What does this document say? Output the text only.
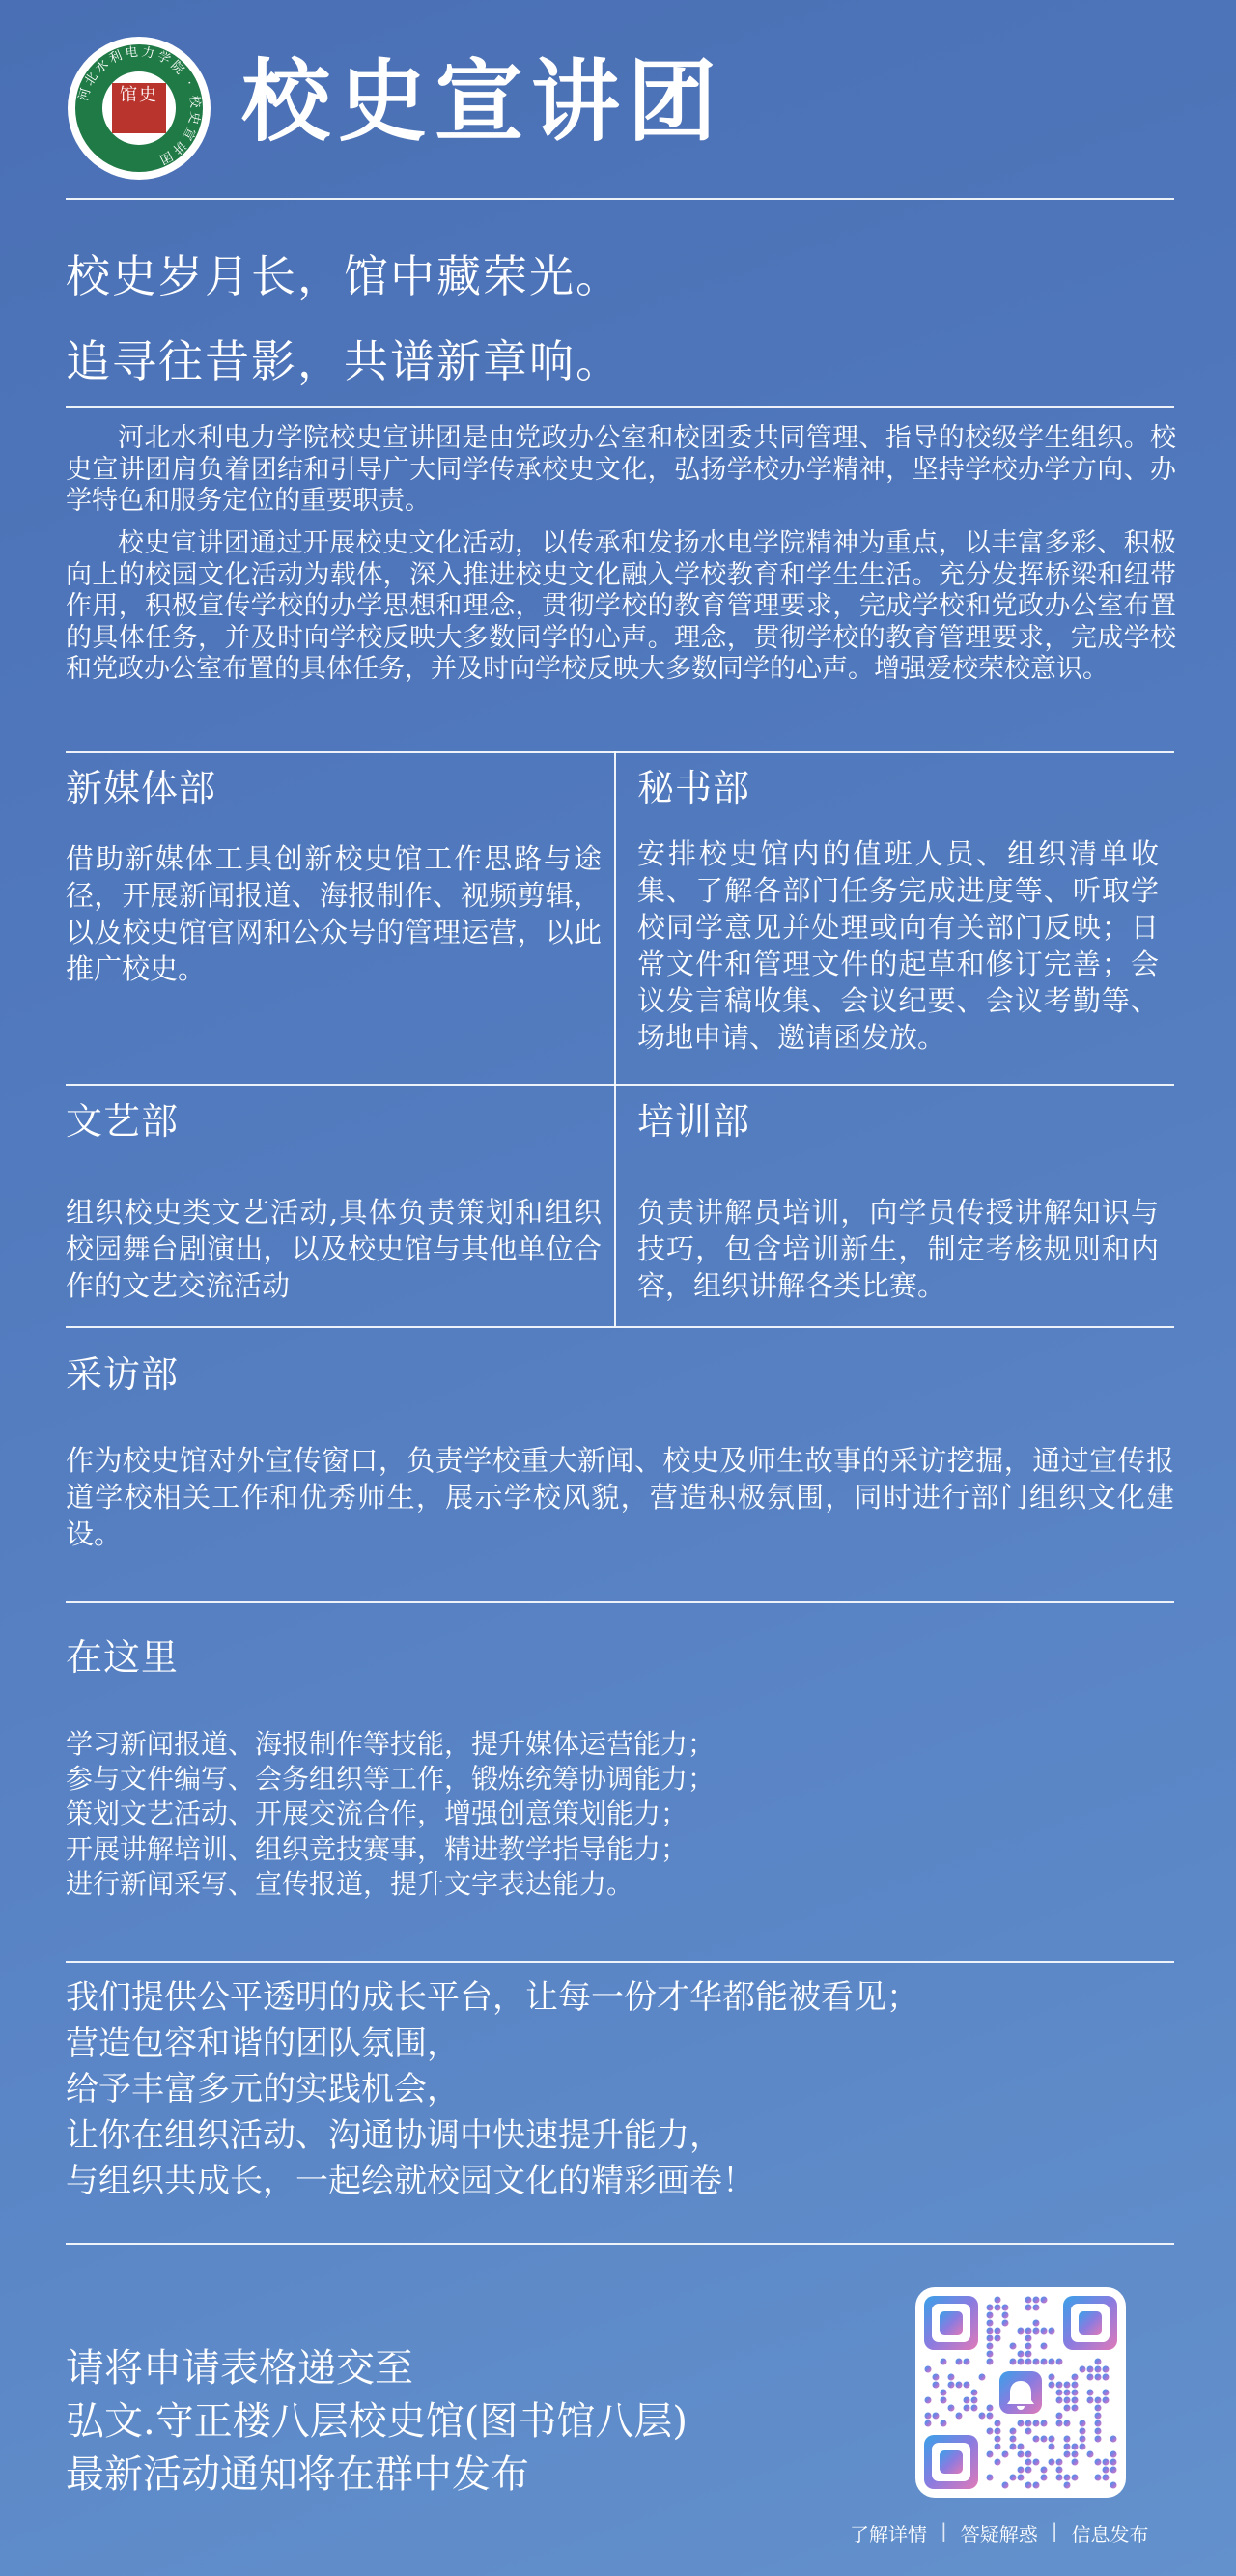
河北水利电力学院 · 校史宣讲团
馆史 校史宣讲团
校史岁月长，馆中藏荣光。
追寻往昔影，共谱新章响。

河北水利电力学院校史宣讲团是由党政办公室和校团委共同管理、指导的校级学生组织。校史宣讲团肩负着团结和引导广大同学传承校史文化，弘扬学校办学精神，坚持学校办学方向、办学特色和服务定位的重要职责。

校史宣讲团通过开展校史文化活动，以传承和发扬水电学院精神为重点，以丰富多彩、积极向上的校园文化活动为载体，深入推进校史文化融入学校教育和学生生活。充分发挥桥梁和纽带作用，积极宣传学校的办学思想和理念，贯彻学校的教育管理要求，完成学校和党政办公室布置的具体任务，并及时向学校反映大多数同学的心声。理念，贯彻学校的教育管理要求，完成学校和党政办公室布置的具体任务，并及时向学校反映大多数同学的心声。增强爱校荣校意识。

新媒体部

借助新媒体工具创新校史馆工作思路与途径，开展新闻报道、海报制作、视频剪辑，以及校史馆官网和公众号的管理运营，以此推广校史。

秘书部

安排校史馆内的值班人员、组织清单收集、了解各部门任务完成进度等、听取学校同学意见并处理或向有关部门反映；日常文件和管理文件的起草和修订完善；会议发言稿收集、会议纪要、会议考勤等、场地申请、邀请函发放。

文艺部

组织校史类文艺活动,具体负责策划和组织校园舞台剧演出，以及校史馆与其他单位合作的文艺交流活动

培训部

负责讲解员培训，向学员传授讲解知识与技巧，包含培训新生，制定考核规则和内容，组织讲解各类比赛。

采访部

作为校史馆对外宣传窗口，负责学校重大新闻、校史及师生故事的采访挖掘，通过宣传报道学校相关工作和优秀师生，展示学校风貌，营造积极氛围，同时进行部门组织文化建设。

在这里
学习新闻报道、海报制作等技能，提升媒体运营能力；
参与文件编写、会务组织等工作，锻炼统筹协调能力；
策划文艺活动、开展交流合作，增强创意策划能力；
开展讲解培训、组织竞技赛事，精进教学指导能力；
进行新闻采写、宣传报道，提升文字表达能力。
我们提供公平透明的成长平台，让每一份才华都能被看见；
营造包容和谐的团队氛围，
给予丰富多元的实践机会，
让你在组织活动、沟通协调中快速提升能力，
与组织共成长，一起绘就校园文化的精彩画卷！
请将申请表格递交至
弘文.守正楼八层校史馆(图书馆八层)
最新活动通知将在群中发布
了解详情 | 答疑解惑 | 信息发布
